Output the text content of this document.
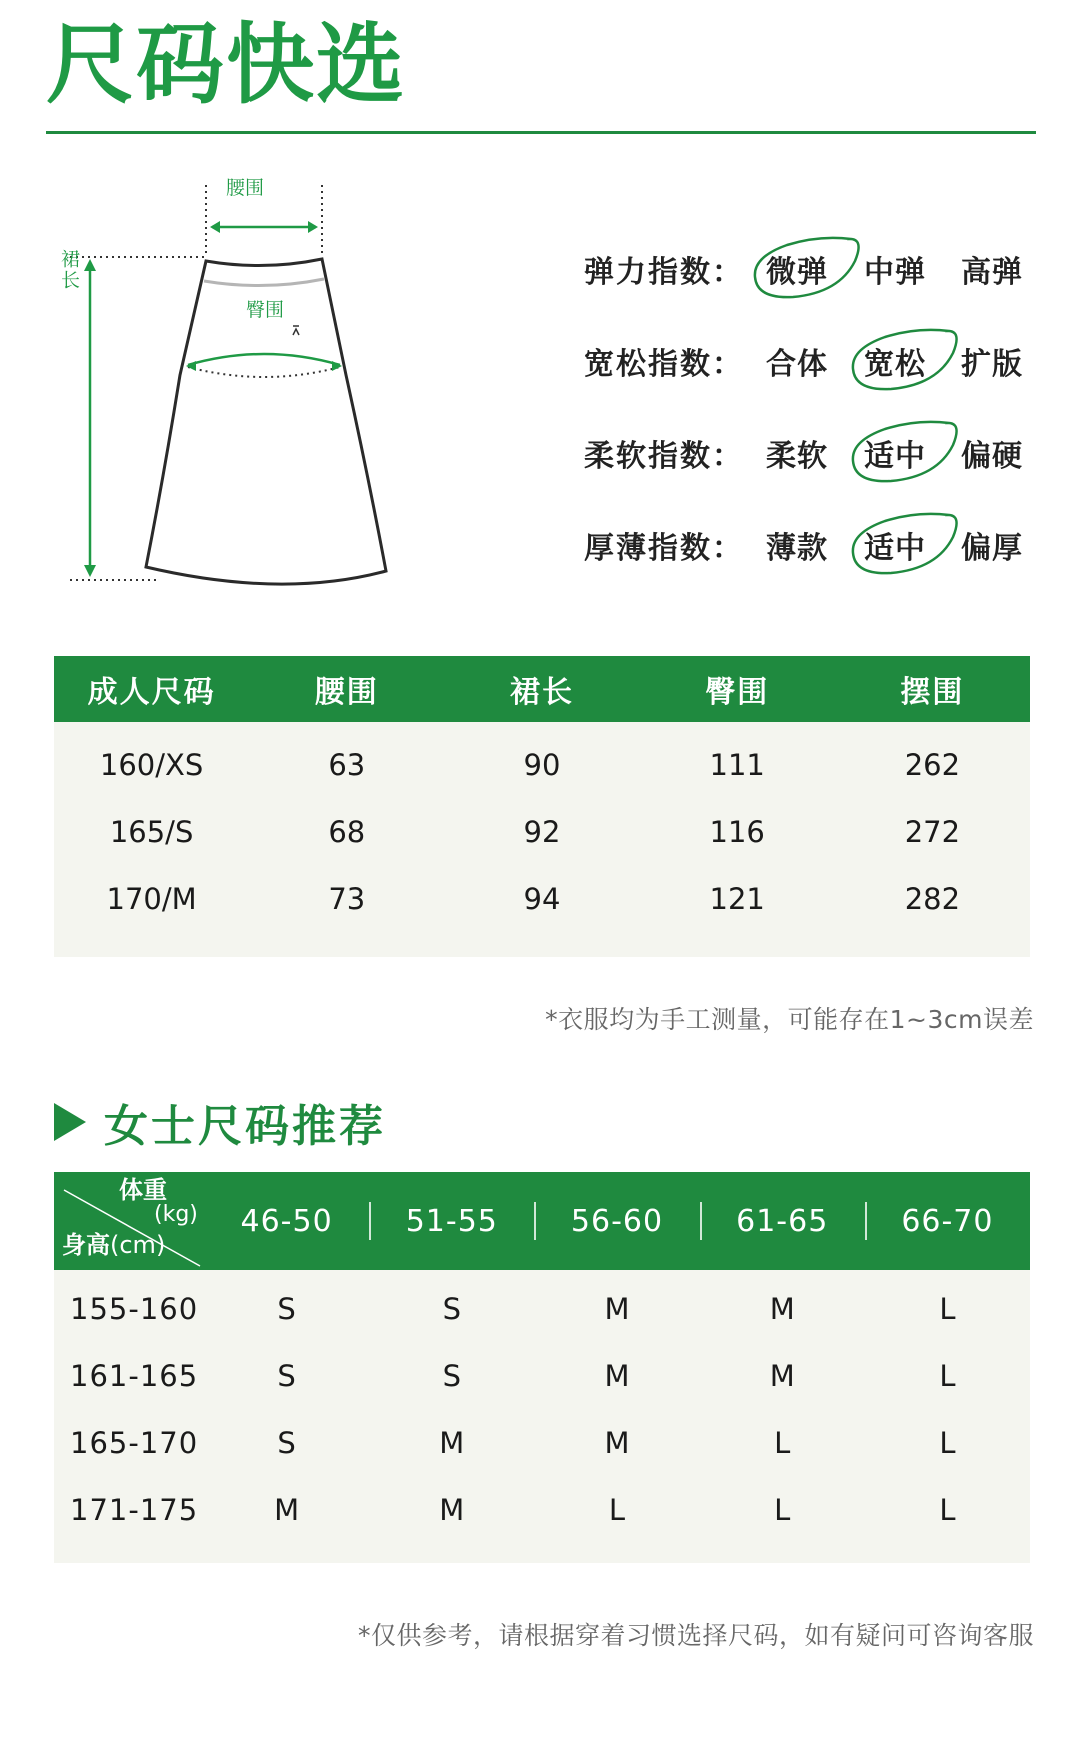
尺码快选
腰围
臀围
裙长	弹力指数： 微弹 中弹 高弹
宽松指数： 合体 宽松 扩版
柔软指数： 柔软 适中 偏硬
厚薄指数： 薄款 适中 偏厚
成人尺码	腰围	裙长	臀围	摆围
160/XS	63	90	111	262
165/S	68	92	116	272
170/M	73	94	121	282
*衣服均为手工测量，可能存在1~3cm误差
女士尺码推荐
体重
(kg)
身高(cm)
46-50	51-55	56-60	61-65	66-70
155-160	S	S	M	M	L
161-165	S	S	M	M	L
165-170	S	M	M	L	L
171-175	M	M	L	L	L
*仅供参考，请根据穿着习惯选择尺码，如有疑问可咨询客服
